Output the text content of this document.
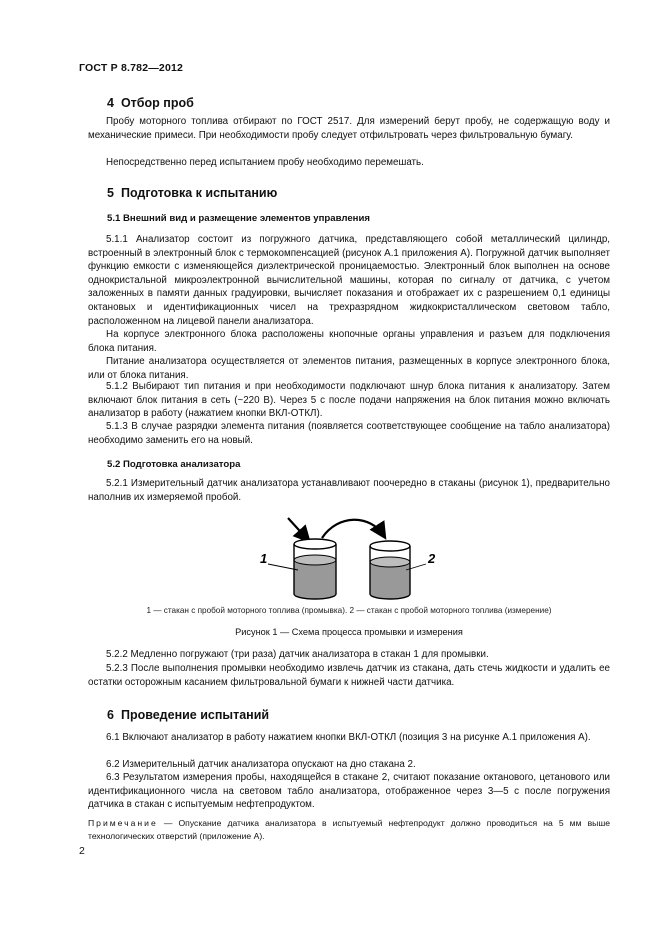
ГОСТ Р 8.782—2012
4 Отбор проб

Пробу моторного топлива отбирают по ГОСТ 2517. Для измерений берут пробу, не содержащую воду и механические примеси. При необходимости пробу следует отфильтровать через фильтровальную бумагу.

Непосредственно перед испытанием пробу необходимо перемешать.

5 Подготовка к испытанию
5.1 Внешний вид и размещение элементов управления

5.1.1 Анализатор состоит из погружного датчика, представляющего собой металлический цилиндр, встроенный в электронный блок с термокомпенсацией (рисунок А.1 приложения А). Погружной датчик выполняет функцию емкости с изменяющейся диэлектрической проницаемостью. Электронный блок выполнен на основе однокристальной микроэлектронной вычислительной машины, которая по сигналу от датчика, с учетом заложенных в памяти данных градуировки, вычисляет показания и отображает их с разрешением 0,1 единицы октановых и идентификационных чисел на трехразрядном жидкокристаллическом световом табло, расположенном на лицевой панели анализатора.

На корпусе электронного блока расположены кнопочные органы управления и разъем для подключения блока питания.

Питание анализатора осуществляется от элементов питания, размещенных в корпусе электронного блока, или от блока питания.

5.1.2 Выбирают тип питания и при необходимости подключают шнур блока питания к анализатору. Затем включают блок питания в сеть (~220 В). Через 5 с после подачи напряжения на блок питания можно включать анализатор в работу (нажатием кнопки ВКЛ-ОТКЛ).

5.1.3 В случае разрядки элемента питания (появляется соответствующее сообщение на табло анализатора) необходимо заменить его на новый.

5.2 Подготовка анализатора

5.2.1 Измерительный датчик анализатора устанавливают поочередно в стаканы (рисунок 1), предварительно наполнив их измеряемой пробой.

1	2
1 — стакан с пробой моторного топлива (промывка). 2 — стакан с пробой моторного топлива (измерение)
Рисунок 1 — Схема процесса промывки и измерения

5.2.2 Медленно погружают (три раза) датчик анализатора в стакан 1 для промывки.

5.2.3 После выполнения промывки необходимо извлечь датчик из стакана, дать стечь жидкости и удалить ее остатки осторожным касанием фильтровальной бумаги к нижней части датчика.

6 Проведение испытаний

6.1 Включают анализатор в работу нажатием кнопки ВКЛ-ОТКЛ (позиция 3 на рисунке А.1 приложения А).

6.2 Измерительный датчик анализатора опускают на дно стакана 2.

6.3 Результатом измерения пробы, находящейся в стакане 2, считают показание октанового, цетанового или идентификационного числа на световом табло анализатора, отображенное через 3—5 с после погружения датчика в стакан с испытуемым нефтепродуктом.

Примечание — Опускание датчика анализатора в испытуемый нефтепродукт должно проводиться на 5 мм выше технологических отверстий (приложение А).
2
